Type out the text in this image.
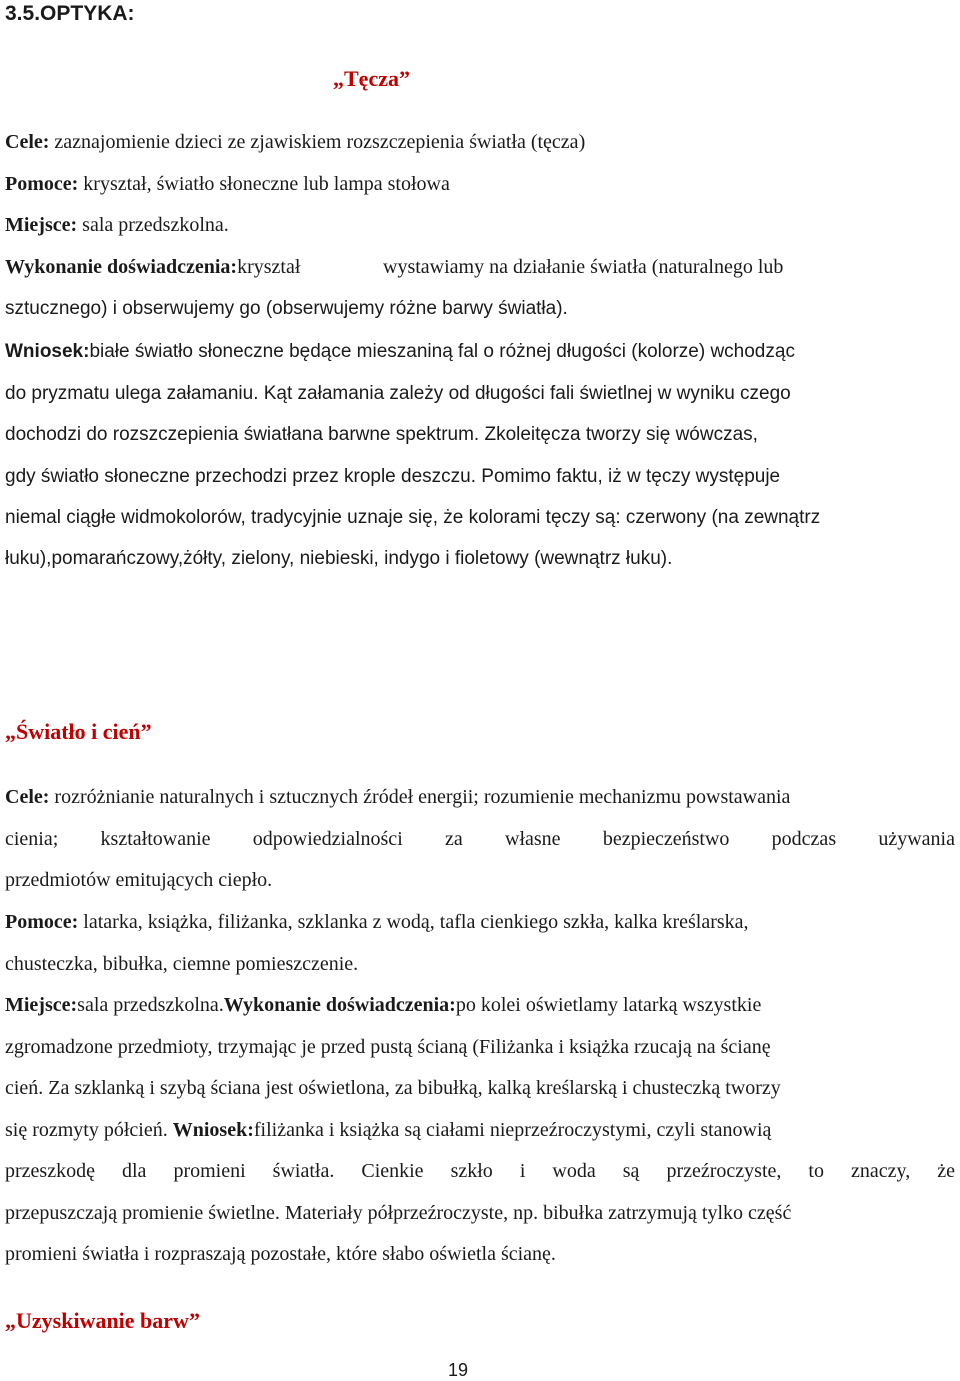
3.5.OPTYKA:
„Tęcza”
Cele: zaznajomienie dzieci ze zjawiskiem rozszczepienia światła (tęcza)
Pomoce: kryształ, światło słoneczne lub lampa stołowa
Miejsce: sala przedszkolna.
Wykonanie doświadczenia:kryształ	wystawiamy na działanie światła (naturalnego lub
sztucznego) i obserwujemy go (obserwujemy różne barwy światła).
Wniosek:białe światło słoneczne będące mieszaniną fal o różnej długości (kolorze) wchodząc
do pryzmatu ulega załamaniu. Kąt załamania zależy od długości fali świetlnej w wyniku czego
dochodzi do rozszczepienia światłana barwne spektrum. Zkoleitęcza tworzy się wówczas,
gdy światło słoneczne przechodzi przez krople deszczu. Pomimo faktu, iż w tęczy występuje
niemal ciągłe widmokolorów, tradycyjnie uznaje się, że kolorami tęczy są: czerwony (na zewnątrz
łuku),pomarańczowy,żółty, zielony, niebieski, indygo i fioletowy (wewnątrz łuku).
„Światło i cień”
Cele: rozróżnianie naturalnych i sztucznych źródeł energii; rozumienie mechanizmu powstawania
cienia; kształtowanie odpowiedzialności za własne bezpieczeństwo podczas używania
przedmiotów emitujących ciepło.
Pomoce: latarka, książka, filiżanka, szklanka z wodą, tafla cienkiego szkła, kalka kreślarska,
chusteczka, bibułka, ciemne pomieszczenie.
Miejsce:sala przedszkolna.Wykonanie doświadczenia:po kolei oświetlamy latarką wszystkie
zgromadzone przedmioty, trzymając je przed pustą ścianą (Filiżanka i książka rzucają na ścianę
cień. Za szklanką i szybą ściana jest oświetlona, za bibułką, kalką kreślarską i chusteczką tworzy
się rozmyty półcień. Wniosek:filiżanka i książka są ciałami nieprzeźroczystymi, czyli stanowią
przeszkodę dla promieni światła. Cienkie szkło i woda są przeźroczyste, to znaczy, że
przepuszczają promienie świetlne. Materiały półprzeźroczyste, np. bibułka zatrzymują tylko część
promieni światła i rozpraszają pozostałe, które słabo oświetla ścianę.
„Uzyskiwanie barw”
19
